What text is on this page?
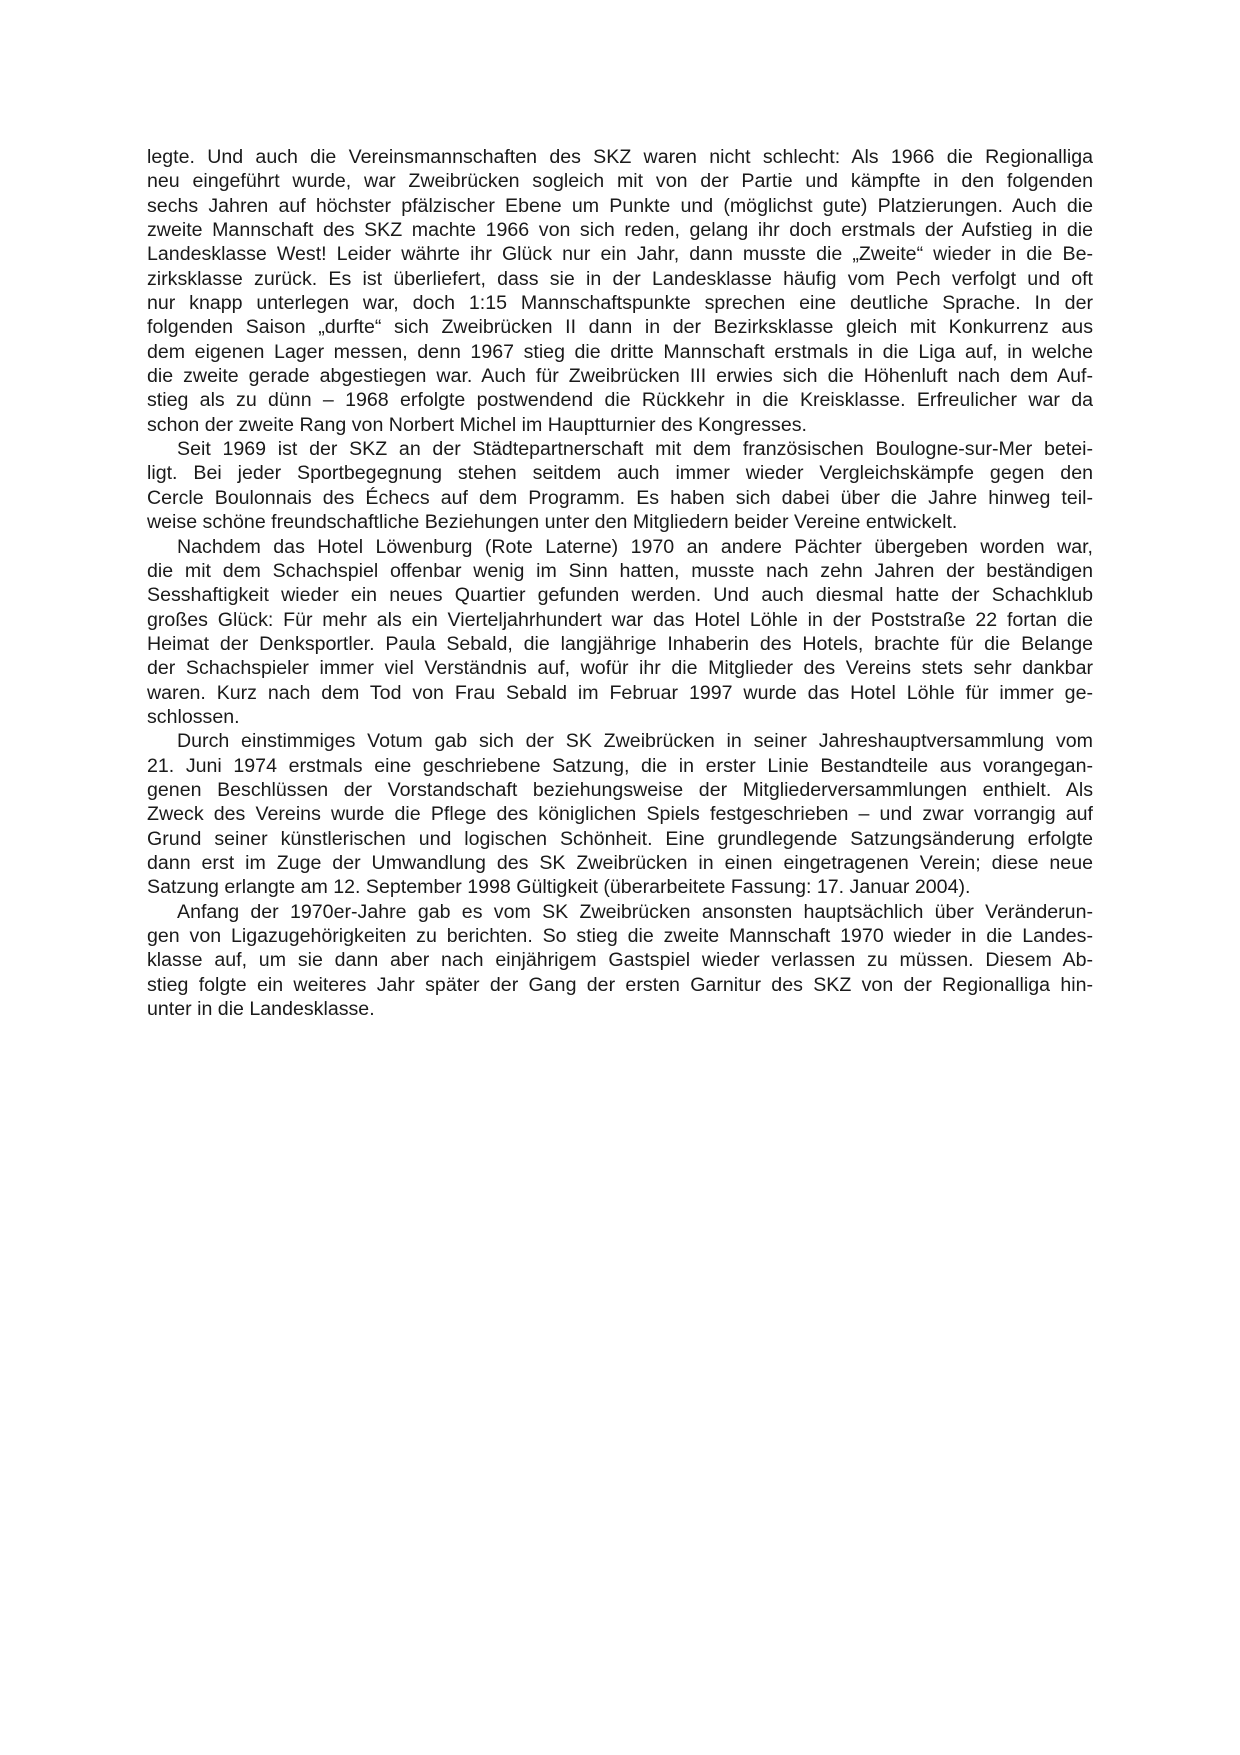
legte. Und auch die Vereinsmannschaften des SKZ waren nicht schlecht: Als 1966 die Regionalliga
neu eingeführt wurde, war Zweibrücken sogleich mit von der Partie und kämpfte in den folgenden
sechs Jahren auf höchster pfälzischer Ebene um Punkte und (möglichst gute) Platzierungen. Auch die
zweite Mannschaft des SKZ machte 1966 von sich reden, gelang ihr doch erstmals der Aufstieg in die
Landesklasse West! Leider währte ihr Glück nur ein Jahr, dann musste die „Zweite“ wieder in die Be-
zirksklasse zurück. Es ist überliefert, dass sie in der Landesklasse häufig vom Pech verfolgt und oft
nur knapp unterlegen war, doch 1:15 Mannschaftspunkte sprechen eine deutliche Sprache. In der
folgenden Saison „durfte“ sich Zweibrücken II dann in der Bezirksklasse gleich mit Konkurrenz aus
dem eigenen Lager messen, denn 1967 stieg die dritte Mannschaft erstmals in die Liga auf, in welche
die zweite gerade abgestiegen war. Auch für Zweibrücken III erwies sich die Höhenluft nach dem Auf-
stieg als zu dünn – 1968 erfolgte postwendend die Rückkehr in die Kreisklasse. Erfreulicher war da
schon der zweite Rang von Norbert Michel im Hauptturnier des Kongresses.
Seit 1969 ist der SKZ an der Städtepartnerschaft mit dem französischen Boulogne-sur-Mer betei-
ligt. Bei jeder Sportbegegnung stehen seitdem auch immer wieder Vergleichskämpfe gegen den
Cercle Boulonnais des Échecs auf dem Programm. Es haben sich dabei über die Jahre hinweg teil-
weise schöne freundschaftliche Beziehungen unter den Mitgliedern beider Vereine entwickelt.
Nachdem das Hotel Löwenburg (Rote Laterne) 1970 an andere Pächter übergeben worden war,
die mit dem Schachspiel offenbar wenig im Sinn hatten, musste nach zehn Jahren der beständigen
Sesshaftigkeit wieder ein neues Quartier gefunden werden. Und auch diesmal hatte der Schachklub
großes Glück: Für mehr als ein Vierteljahrhundert war das Hotel Löhle in der Poststraße 22 fortan die
Heimat der Denksportler. Paula Sebald, die langjährige Inhaberin des Hotels, brachte für die Belange
der Schachspieler immer viel Verständnis auf, wofür ihr die Mitglieder des Vereins stets sehr dankbar
waren. Kurz nach dem Tod von Frau Sebald im Februar 1997 wurde das Hotel Löhle für immer ge-
schlossen.
Durch einstimmiges Votum gab sich der SK Zweibrücken in seiner Jahreshauptversammlung vom
21. Juni 1974 erstmals eine geschriebene Satzung, die in erster Linie Bestandteile aus vorangegan-
genen Beschlüssen der Vorstandschaft beziehungsweise der Mitgliederversammlungen enthielt. Als
Zweck des Vereins wurde die Pflege des königlichen Spiels festgeschrieben – und zwar vorrangig auf
Grund seiner künstlerischen und logischen Schönheit. Eine grundlegende Satzungsänderung erfolgte
dann erst im Zuge der Umwandlung des SK Zweibrücken in einen eingetragenen Verein; diese neue
Satzung erlangte am 12. September 1998 Gültigkeit (überarbeitete Fassung: 17. Januar 2004).
Anfang der 1970er-Jahre gab es vom SK Zweibrücken ansonsten hauptsächlich über Veränderun-
gen von Ligazugehörigkeiten zu berichten. So stieg die zweite Mannschaft 1970 wieder in die Landes-
klasse auf, um sie dann aber nach einjährigem Gastspiel wieder verlassen zu müssen. Diesem Ab-
stieg folgte ein weiteres Jahr später der Gang der ersten Garnitur des SKZ von der Regionalliga hin-
unter in die Landesklasse.
